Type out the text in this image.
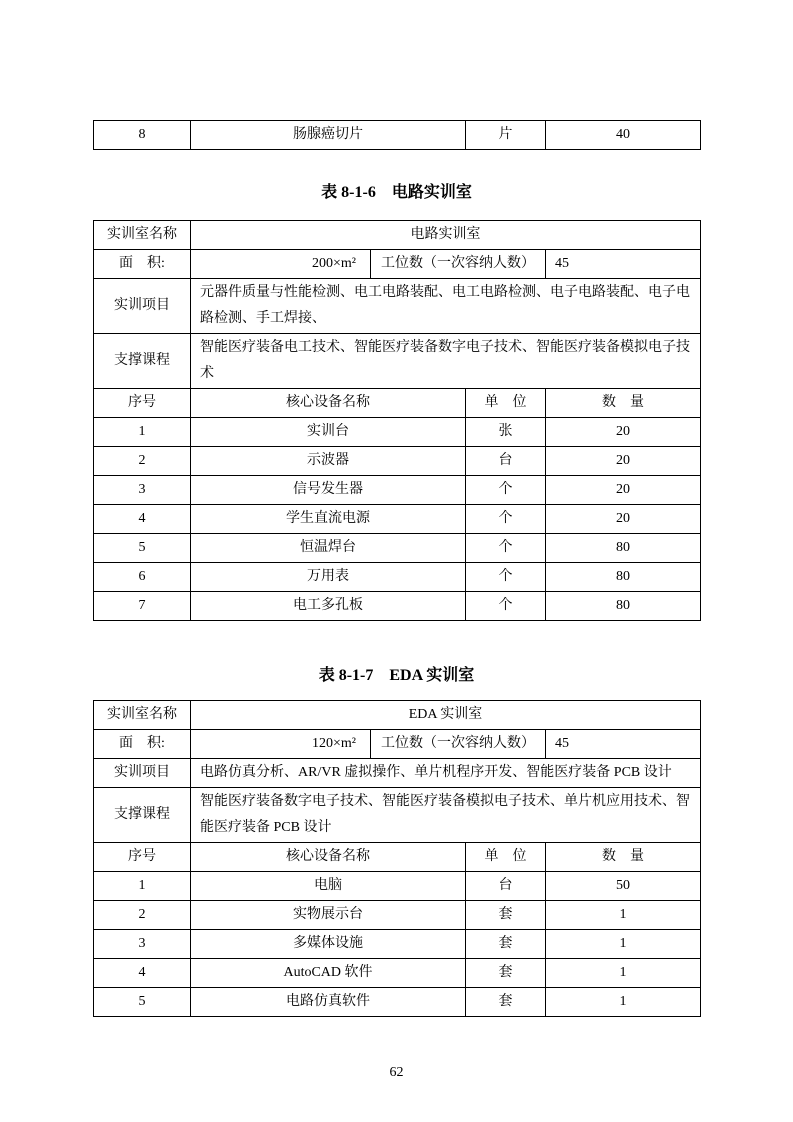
8	肠腺癌切片	片	40
表 8-1-6　电路实训室
实训室名称	电路实训室			
面　积:	200×m²	工位数（一次容纳人数）		45
实训项目	元器件质量与性能检测、电工电路装配、电工电路检测、电子电路装配、电子电路检测、手工焊接、			
支撑课程	智能医疗装备电工技术、智能医疗装备数字电子技术、智能医疗装备模拟电子技术			
序号	核心设备名称		单　位	数　量
1	实训台		张	20
2	示波器		台	20
3	信号发生器		个	20
4	学生直流电源		个	20
5	恒温焊台		个	80
6	万用表		个	80
7	电工多孔板		个	80
表 8-1-7　EDA 实训室
实训室名称	EDA 实训室			
面　积:	120×m²	工位数（一次容纳人数）		45
实训项目	电路仿真分析、AR/VR 虚拟操作、单片机程序开发、智能医疗装备 PCB 设计			
支撑课程	智能医疗装备数字电子技术、智能医疗装备模拟电子技术、单片机应用技术、智能医疗装备 PCB 设计			
序号	核心设备名称		单　位	数　量
1	电脑		台	50
2	实物展示台		套	1
3	多媒体设施		套	1
4	AutoCAD 软件		套	1
5	电路仿真软件		套	1
62
